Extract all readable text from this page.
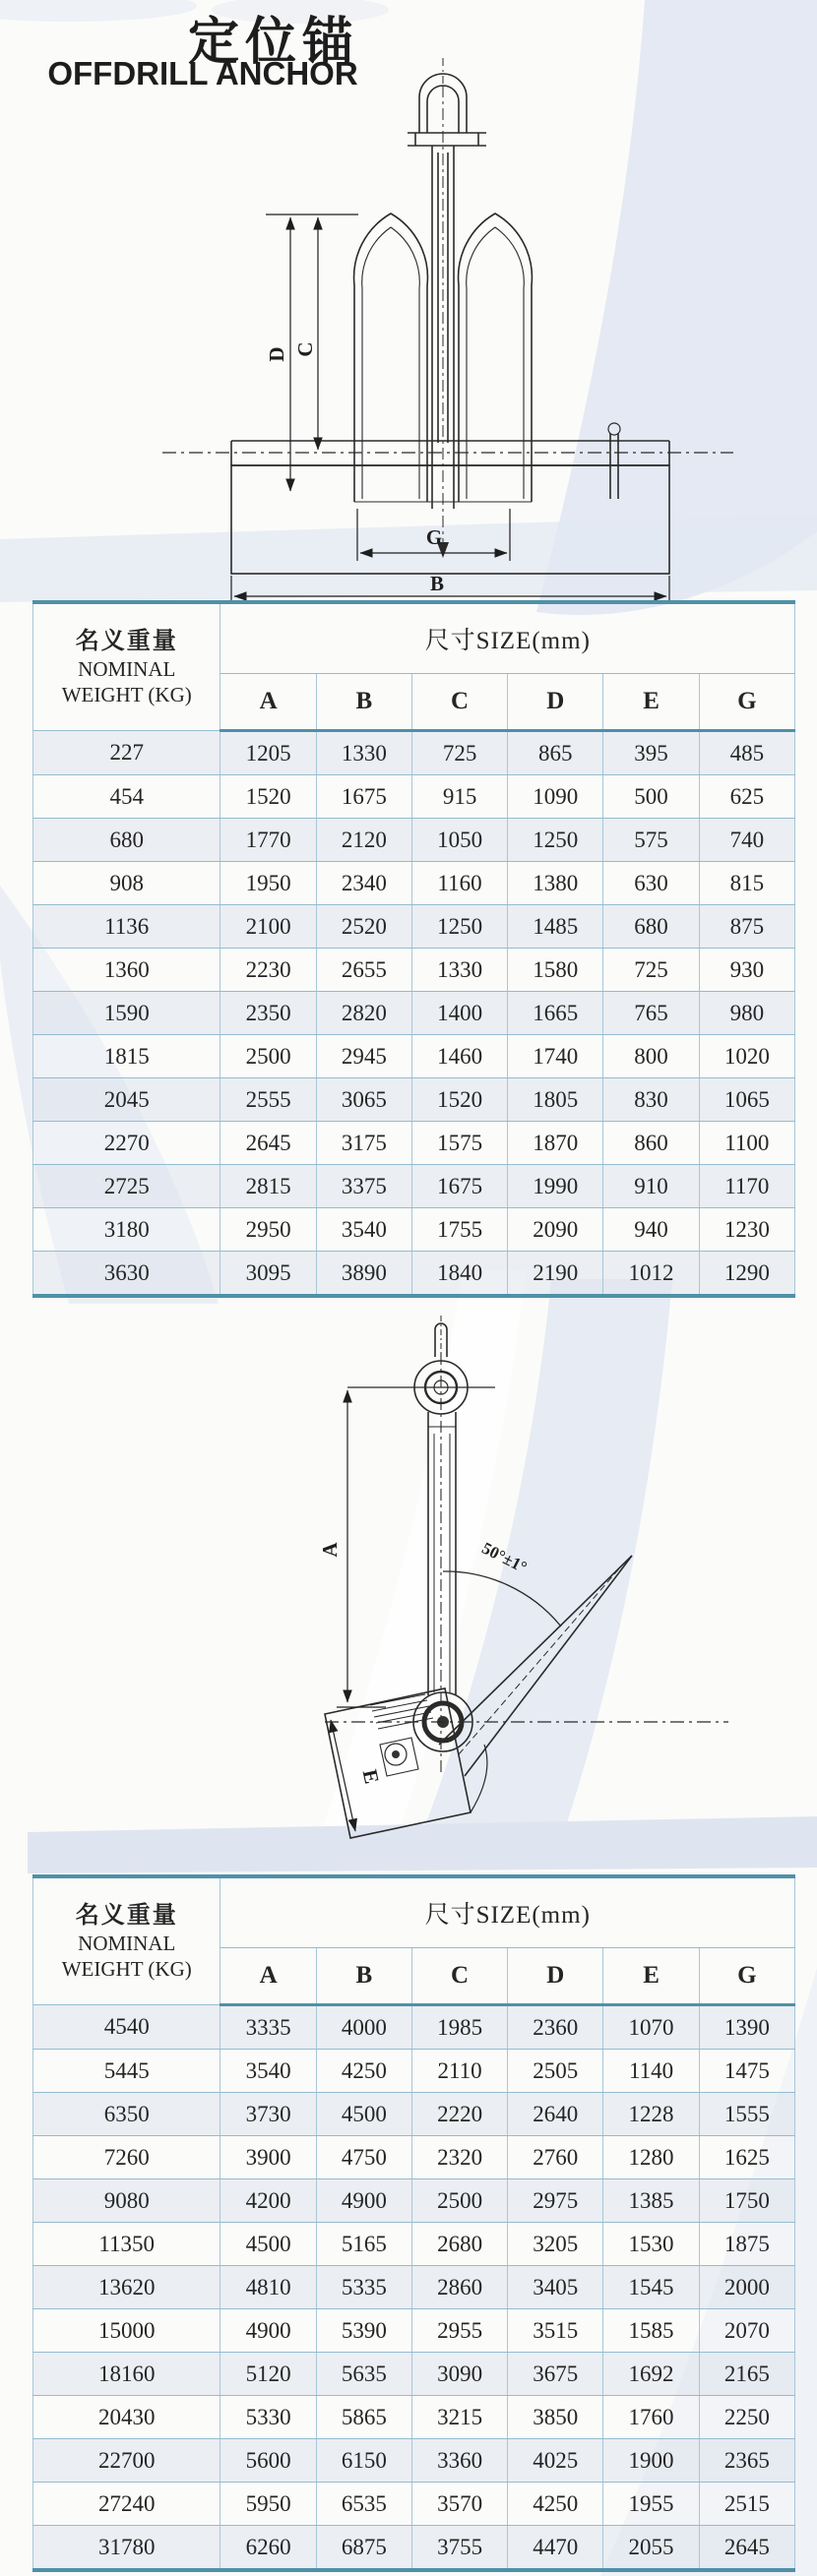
定位锚
OFFDRILL ANCHOR
D C
G
B
A
E
50°±1°
名义重量
NOMINAL
WEIGHT (KG)	尺寸SIZE(mm)					
	A	B	C	D	E	G
227	1205	1330	725	865	395	485
454	1520	1675	915	1090	500	625
680	1770	2120	1050	1250	575	740
908	1950	2340	1160	1380	630	815
1136	2100	2520	1250	1485	680	875
1360	2230	2655	1330	1580	725	930
1590	2350	2820	1400	1665	765	980
1815	2500	2945	1460	1740	800	1020
2045	2555	3065	1520	1805	830	1065
2270	2645	3175	1575	1870	860	1100
2725	2815	3375	1675	1990	910	1170
3180	2950	3540	1755	2090	940	1230
3630	3095	3890	1840	2190	1012	1290
名义重量
NOMINAL
WEIGHT (KG)	尺寸SIZE(mm)					
	A	B	C	D	E	G
4540	3335	4000	1985	2360	1070	1390
5445	3540	4250	2110	2505	1140	1475
6350	3730	4500	2220	2640	1228	1555
7260	3900	4750	2320	2760	1280	1625
9080	4200	4900	2500	2975	1385	1750
11350	4500	5165	2680	3205	1530	1875
13620	4810	5335	2860	3405	1545	2000
15000	4900	5390	2955	3515	1585	2070
18160	5120	5635	3090	3675	1692	2165
20430	5330	5865	3215	3850	1760	2250
22700	5600	6150	3360	4025	1900	2365
27240	5950	6535	3570	4250	1955	2515
31780	6260	6875	3755	4470	2055	2645
